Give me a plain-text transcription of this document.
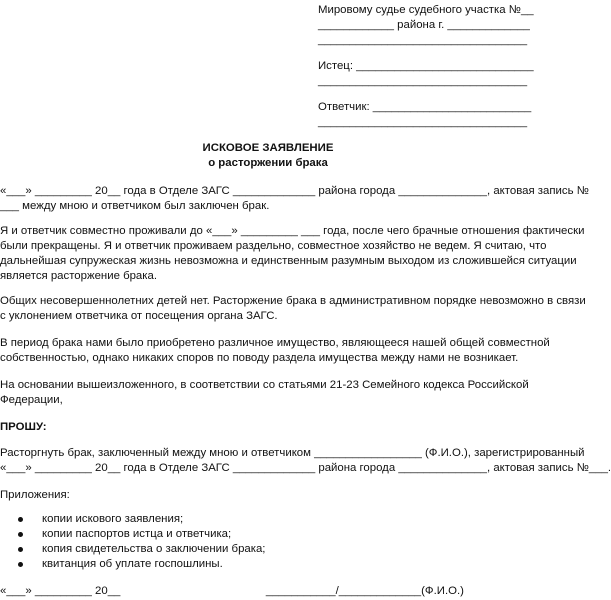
Мировому судье судебного участка №__
____________ района г. _____________
_________________________________
Истец: ____________________________
_________________________________
Ответчик: _________________________
_________________________________
ИСКОВОЕ ЗАЯВЛЕНИЕ
о расторжении брака
«___» _________ 20__ года в Отделе ЗАГС _____________ района города ______________, актовая запись №
___ между мною и ответчиком был заключен брак.
Я и ответчик совместно проживали до «___» _________ ___ года, после чего брачные отношения фактически
были прекращены. Я и ответчик проживаем раздельно, совместное хозяйство не ведем. Я считаю, что
дальнейшая супружеская жизнь невозможна и единственным разумным выходом из сложившейся ситуации
является расторжение брака.
Общих несовершеннолетних детей нет. Расторжение брака в административном порядке невозможно в связи
с уклонением ответчика от посещения органа ЗАГС.
В период брака нами было приобретено различное имущество, являющееся нашей общей совместной
собственностью, однако никаких споров по поводу раздела имущества между нами не возникает.
На основании вышеизложенного, в соответствии со статьями 21-23 Семейного кодекса Российской
Федерации,
ПРОШУ:
Расторгнуть брак, заключенный между мною и ответчиком _________________ (Ф.И.О.), зарегистрированный
«___» _________ 20__ года в Отделе ЗАГС _____________ района города ______________, актовая запись №___.
Приложения:
копии искового заявления;
копии паспортов истца и ответчика;
копия свидетельства о заключении брака;
квитанция об уплате госпошлины.
«___» _________ 20__                                              ___________/_____________(Ф.И.О.)
